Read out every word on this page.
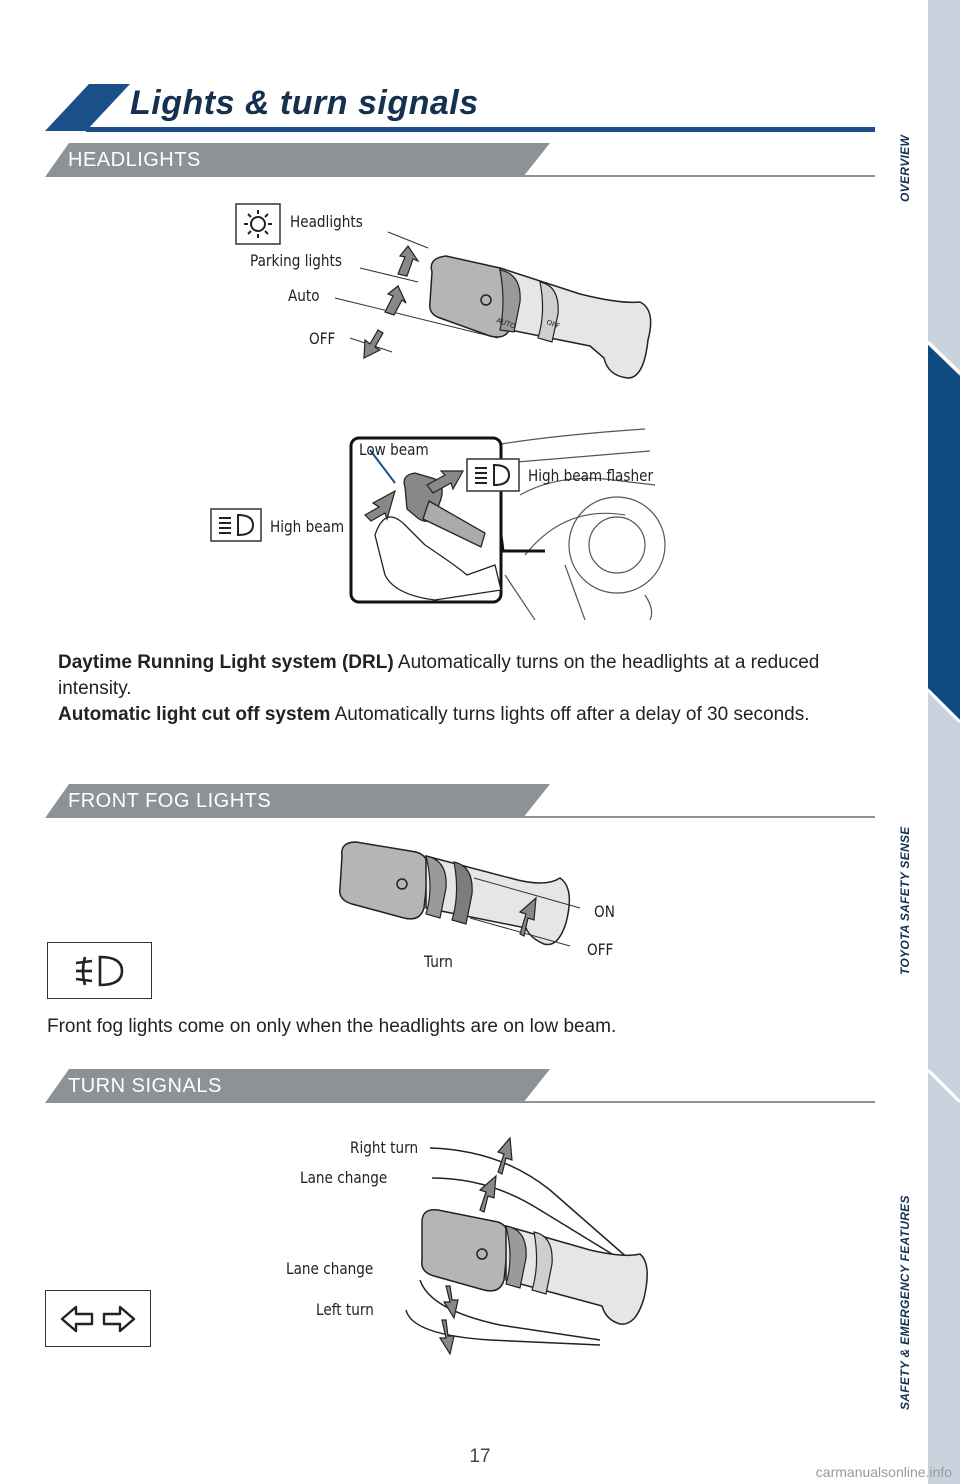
Lights & turn signals
HEADLIGHTS
AUTO	OFF
Headlights
Parking lights
Auto
OFF
Low beam
High beam flasher
High beam
Daytime Running Light system (DRL) Automatically turns on the headlights at a reduced intensity.
Automatic light cut off system Automatically turns lights off after a delay of 30 seconds.
FRONT FOG LIGHTS
ON
OFF
Turn
Front fog lights come on only when the headlights are on low beam.
TURN SIGNALS
Right turn
Lane change
Lane change
Left turn
OVERVIEW
FEATURES & OPERATIONS
TOYOTA SAFETY SENSE
SAFETY & EMERGENCY FEATURES
17
carmanualsonline.info
